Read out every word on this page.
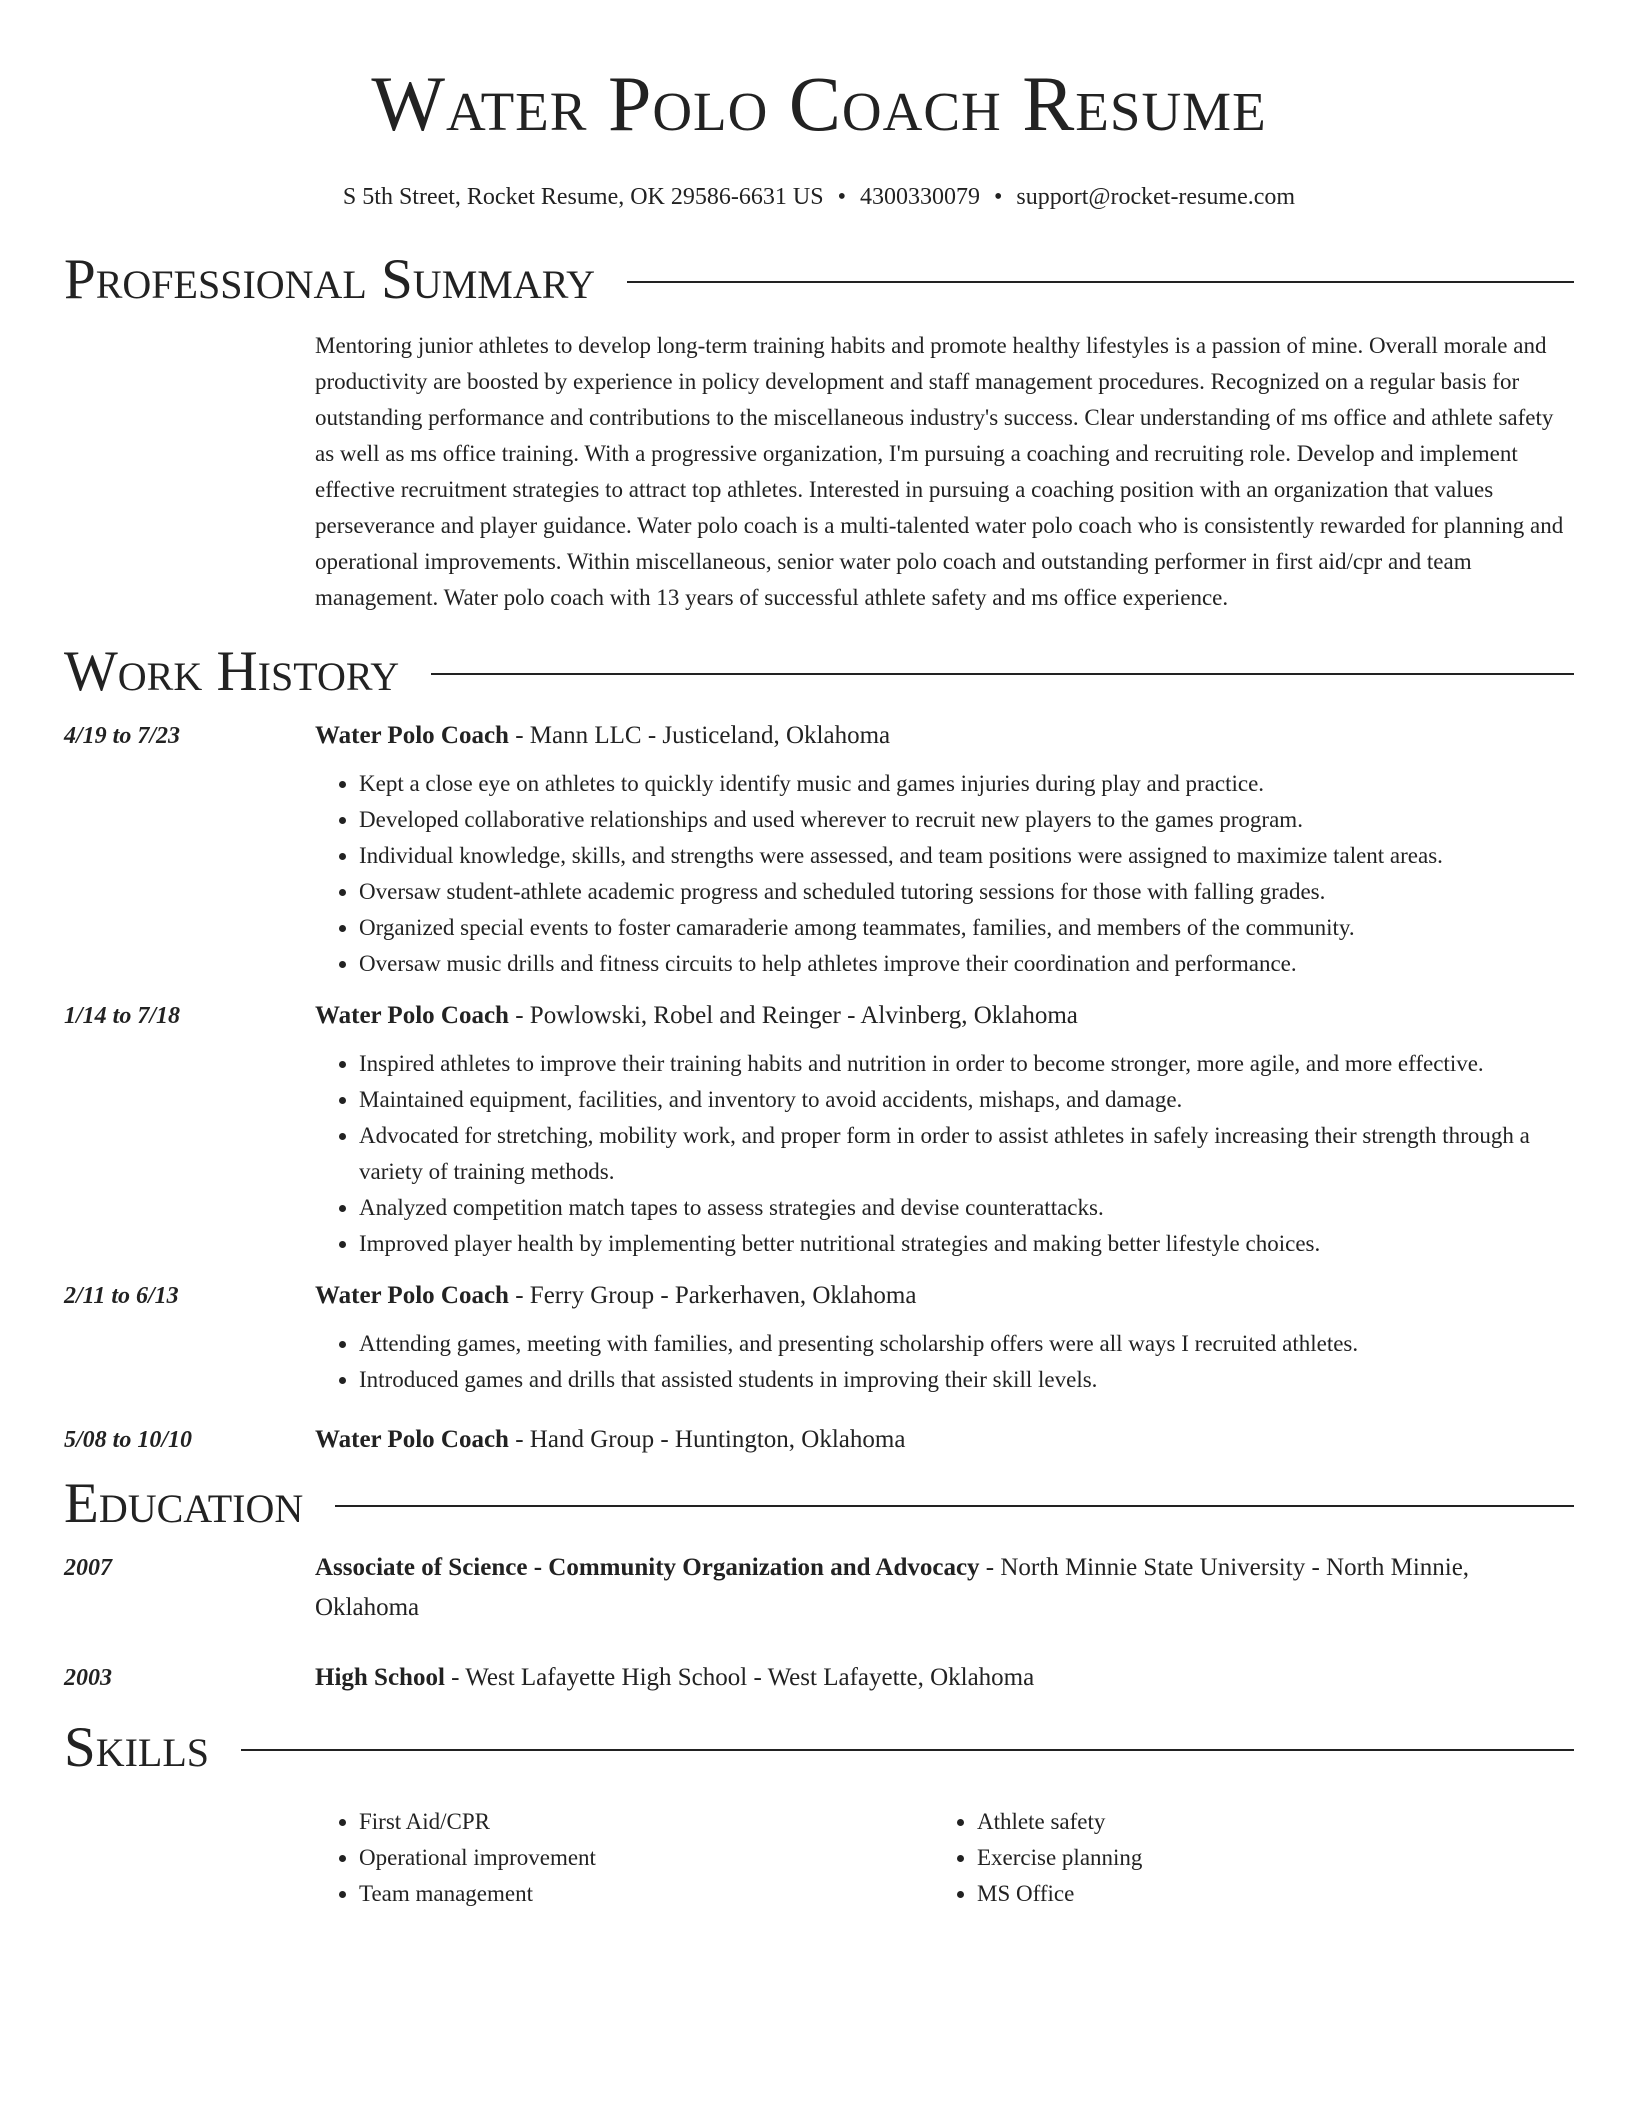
Water Polo Coach Resume
S 5th Street, Rocket Resume, OK 29586-6631 US • 4300330079 • support@rocket-resume.com
Professional Summary
Mentoring junior athletes to develop long-term training habits and promote healthy lifestyles is a passion of mine. Overall morale and productivity are boosted by experience in policy development and staff management procedures. Recognized on a regular basis for outstanding performance and contributions to the miscellaneous industry's success. Clear understanding of ms office and athlete safety as well as ms office training. With a progressive organization, I'm pursuing a coaching and recruiting role. Develop and implement effective recruitment strategies to attract top athletes. Interested in pursuing a coaching position with an organization that values perseverance and player guidance. Water polo coach is a multi-talented water polo coach who is consistently rewarded for planning and operational improvements. Within miscellaneous, senior water polo coach and outstanding performer in first aid/cpr and team management. Water polo coach with 13 years of successful athlete safety and ms office experience.
Work History
4/19 to 7/23	Water Polo Coach - Mann LLC - Justiceland, Oklahoma
• Kept a close eye on athletes to quickly identify music and games injuries during play and practice.
• Developed collaborative relationships and used wherever to recruit new players to the games program.
• Individual knowledge, skills, and strengths were assessed, and team positions were assigned to maximize talent areas.
• Oversaw student-athlete academic progress and scheduled tutoring sessions for those with falling grades.
• Organized special events to foster camaraderie among teammates, families, and members of the community.
• Oversaw music drills and fitness circuits to help athletes improve their coordination and performance.
1/14 to 7/18	Water Polo Coach - Powlowski, Robel and Reinger - Alvinberg, Oklahoma
• Inspired athletes to improve their training habits and nutrition in order to become stronger, more agile, and more effective.
• Maintained equipment, facilities, and inventory to avoid accidents, mishaps, and damage.
• Advocated for stretching, mobility work, and proper form in order to assist athletes in safely increasing their strength through a variety of training methods.
• Analyzed competition match tapes to assess strategies and devise counterattacks.
• Improved player health by implementing better nutritional strategies and making better lifestyle choices.
2/11 to 6/13	Water Polo Coach - Ferry Group - Parkerhaven, Oklahoma
• Attending games, meeting with families, and presenting scholarship offers were all ways I recruited athletes.
• Introduced games and drills that assisted students in improving their skill levels.
5/08 to 10/10	Water Polo Coach - Hand Group - Huntington, Oklahoma
Education
2007	Associate of Science - Community Organization and Advocacy - North Minnie State University - North Minnie, Oklahoma
2003	High School - West Lafayette High School - West Lafayette, Oklahoma
Skills
• First Aid/CPR
• Operational improvement
• Team management
• Athlete safety
• Exercise planning
• MS Office
